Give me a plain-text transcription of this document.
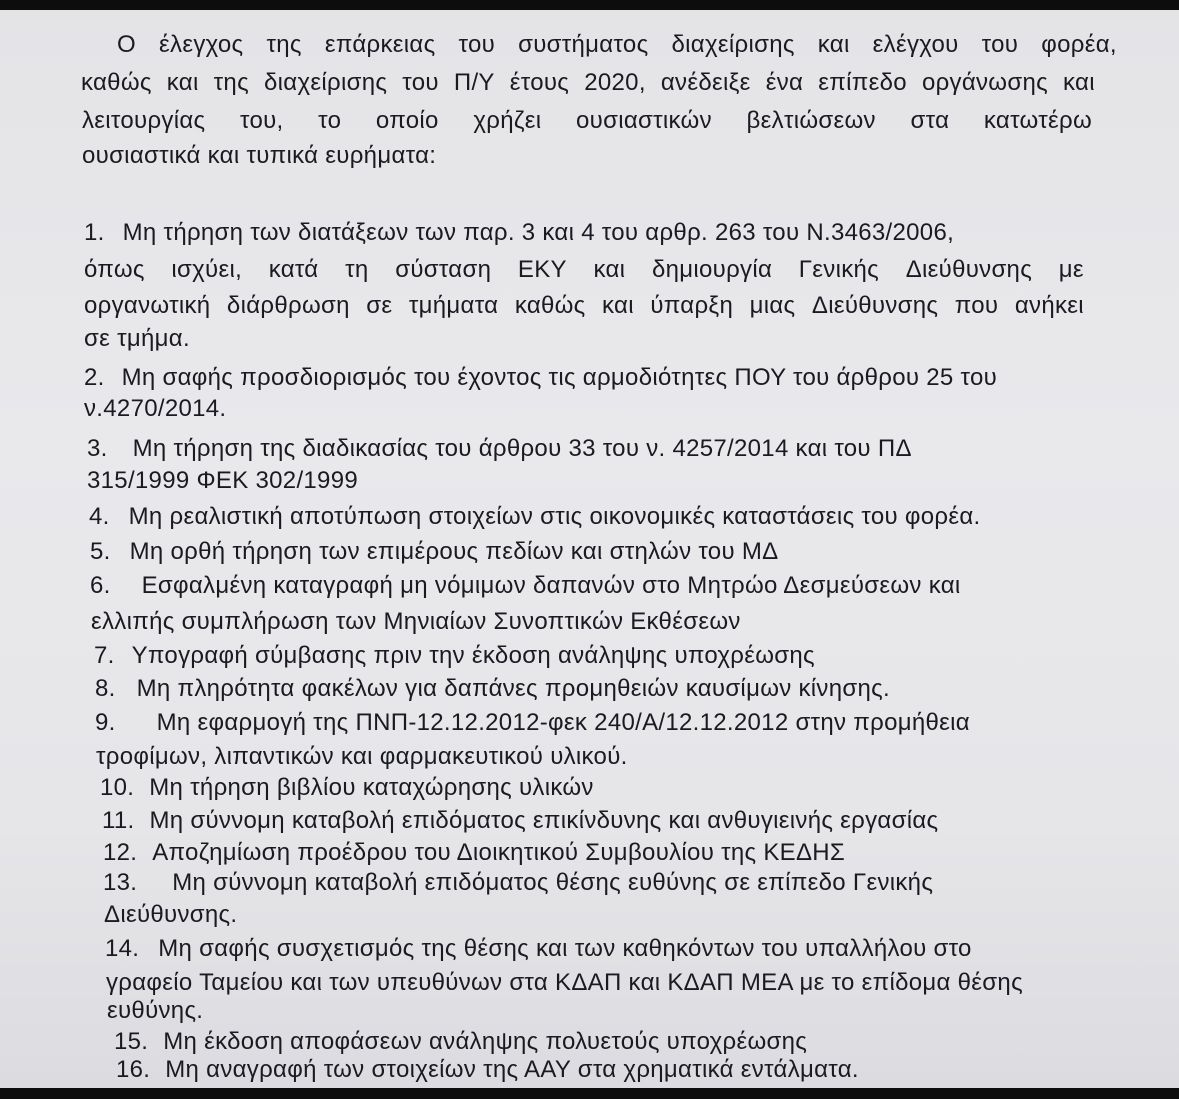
Ο έλεγχος της επάρκειας του συστήματος διαχείρισης και ελέγχου του φορέα,
καθώς και της διαχείρισης του Π/Υ έτους 2020, ανέδειξε ένα επίπεδο οργάνωσης και
λειτουργίας του, το οποίο χρήζει ουσιαστικών βελτιώσεων στα κατωτέρω
ουσιαστικά και τυπικά ευρήματα:
1. Μη τήρηση των διατάξεων των παρ. 3 και 4 του αρθρ. 263 του Ν.3463/2006,
όπως ισχύει, κατά τη σύσταση ΕΚΥ και δημιουργία Γενικής Διεύθυνσης με
οργανωτική διάρθρωση σε τμήματα καθώς και ύπαρξη μιας Διεύθυνσης που ανήκει
σε τμήμα.
2. Μη σαφής προσδιορισμός του έχοντος τις αρμοδιότητες ΠΟΥ του άρθρου 25 του
ν.4270/2014.
3. Μη τήρηση της διαδικασίας του άρθρου 33 του ν. 4257/2014 και του ΠΔ
315/1999 ΦΕΚ 302/1999
4. Μη ρεαλιστική αποτύπωση στοιχείων στις οικονομικές καταστάσεις του φορέα.
5. Μη ορθή τήρηση των επιμέρους πεδίων και στηλών του ΜΔ
6. Εσφαλμένη καταγραφή μη νόμιμων δαπανών στο Μητρώο Δεσμεύσεων και
ελλιπής συμπλήρωση των Μηνιαίων Συνοπτικών Εκθέσεων
7. Υπογραφή σύμβασης πριν την έκδοση ανάληψης υποχρέωσης
8. Μη πληρότητα φακέλων για δαπάνες προμηθειών καυσίμων κίνησης.
9. Μη εφαρμογή της ΠΝΠ-12.12.2012-φεκ 240/Α/12.12.2012 στην προμήθεια
τροφίμων, λιπαντικών και φαρμακευτικού υλικού.
10. Μη τήρηση βιβλίου καταχώρησης υλικών
11. Μη σύννομη καταβολή επιδόματος επικίνδυνης και ανθυγιεινής εργασίας
12. Αποζημίωση προέδρου του Διοικητικού Συμβουλίου της ΚΕΔΗΣ
13. Μη σύννομη καταβολή επιδόματος θέσης ευθύνης σε επίπεδο Γενικής
Διεύθυνσης.
14. Μη σαφής συσχετισμός της θέσης και των καθηκόντων του υπαλλήλου στο
γραφείο Ταμείου και των υπευθύνων στα ΚΔΑΠ και ΚΔΑΠ ΜΕΑ με το επίδομα θέσης
ευθύνης.
15. Μη έκδοση αποφάσεων ανάληψης πολυετούς υποχρέωσης
16. Μη αναγραφή των στοιχείων της ΑΑΥ στα χρηματικά εντάλματα.
